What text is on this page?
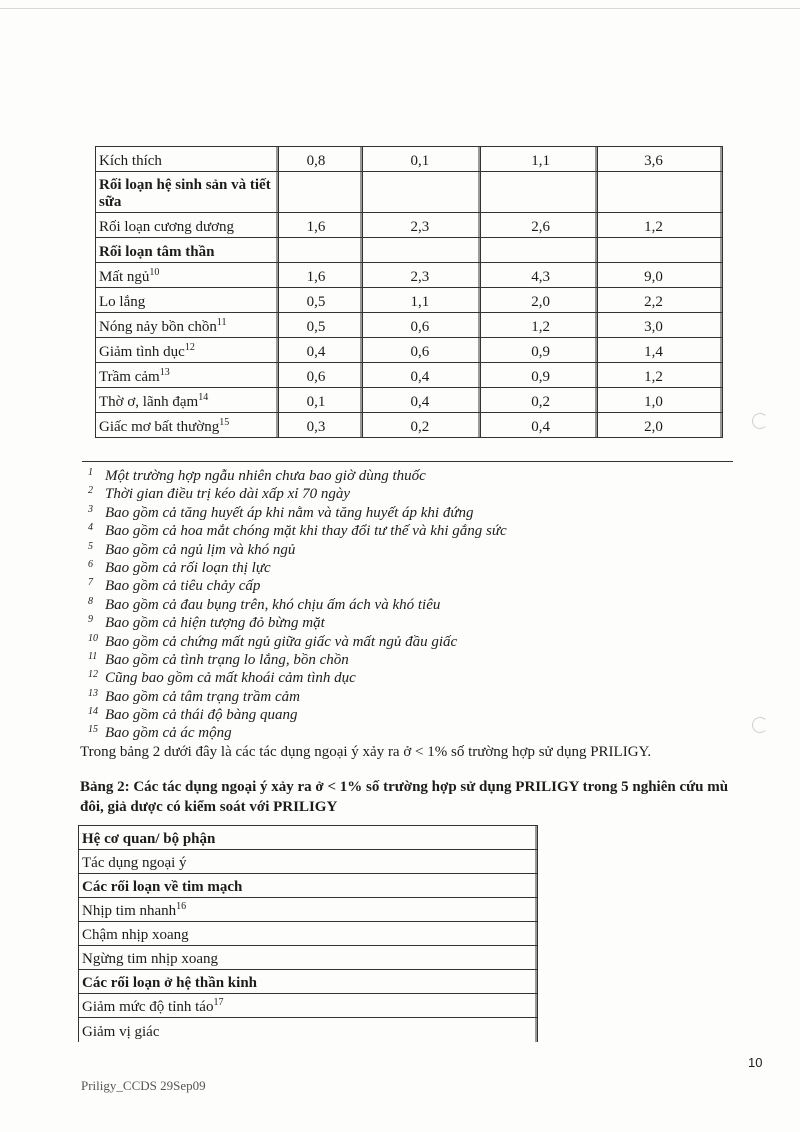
Kích thích	0,8	0,1	1,1	3,6
Rối loạn hệ sinh sản và tiết sữa				
Rối loạn cương dương	1,6	2,3	2,6	1,2
Rối loạn tâm thần				
Mất ngủ$^{10}$	1,6	2,3	4,3	9,0
Lo lắng	0,5	1,1	2,0	2,2
Nóng nảy bồn chồn$^{11}$	0,5	0,6	1,2	3,0
Giảm tình dục$^{12}$	0,4	0,6	0,9	1,4
Trầm cảm$^{13}$	0,6	0,4	0,9	1,2
Thờ ơ, lãnh đạm$^{14}$	0,1	0,4	0,2	1,0
Giấc mơ bất thường$^{15}$	0,3	0,2	0,4	2,0
1 Một trường hợp ngẫu nhiên chưa bao giờ dùng thuốc
2 Thời gian điều trị kéo dài xấp xỉ 70 ngày
3 Bao gồm cả tăng huyết áp khi nằm và tăng huyết áp khi đứng
4 Bao gồm cả hoa mắt chóng mặt khi thay đổi tư thế và khi gắng sức
5 Bao gồm cả ngủ lịm và khó ngủ
6 Bao gồm cả rối loạn thị lực
7 Bao gồm cả tiêu chảy cấp
8 Bao gồm cả đau bụng trên, khó chịu ấm ách và khó tiêu
9 Bao gồm cả hiện tượng đỏ bừng mặt
10 Bao gồm cả chứng mất ngủ giữa giấc và mất ngủ đầu giấc
11 Bao gồm cả tình trạng lo lắng, bồn chồn
12 Cũng bao gồm cả mất khoái cảm tình dục
13 Bao gồm cả tâm trạng trầm cảm
14 Bao gồm cả thái độ bàng quang
15 Bao gồm cả ác mộng
Trong bảng 2 dưới đây là các tác dụng ngoại ý xảy ra ở < 1% số trường hợp sử dụng PRILIGY.
Bảng 2: Các tác dụng ngoại ý xảy ra ở < 1% số trường hợp sử dụng PRILIGY trong 5 nghiên cứu mù đôi, giả dược có kiểm soát với PRILIGY
Hệ cơ quan/ bộ phận
Tác dụng ngoại ý
Các rối loạn về tim mạch
Nhịp tim nhanh$^{16}$
Chậm nhịp xoang
Ngừng tim nhịp xoang
Các rối loạn ở hệ thần kinh
Giảm mức độ tỉnh táo$^{17}$
Giảm vị giác
10
Priligy_CCDS 29Sep09
